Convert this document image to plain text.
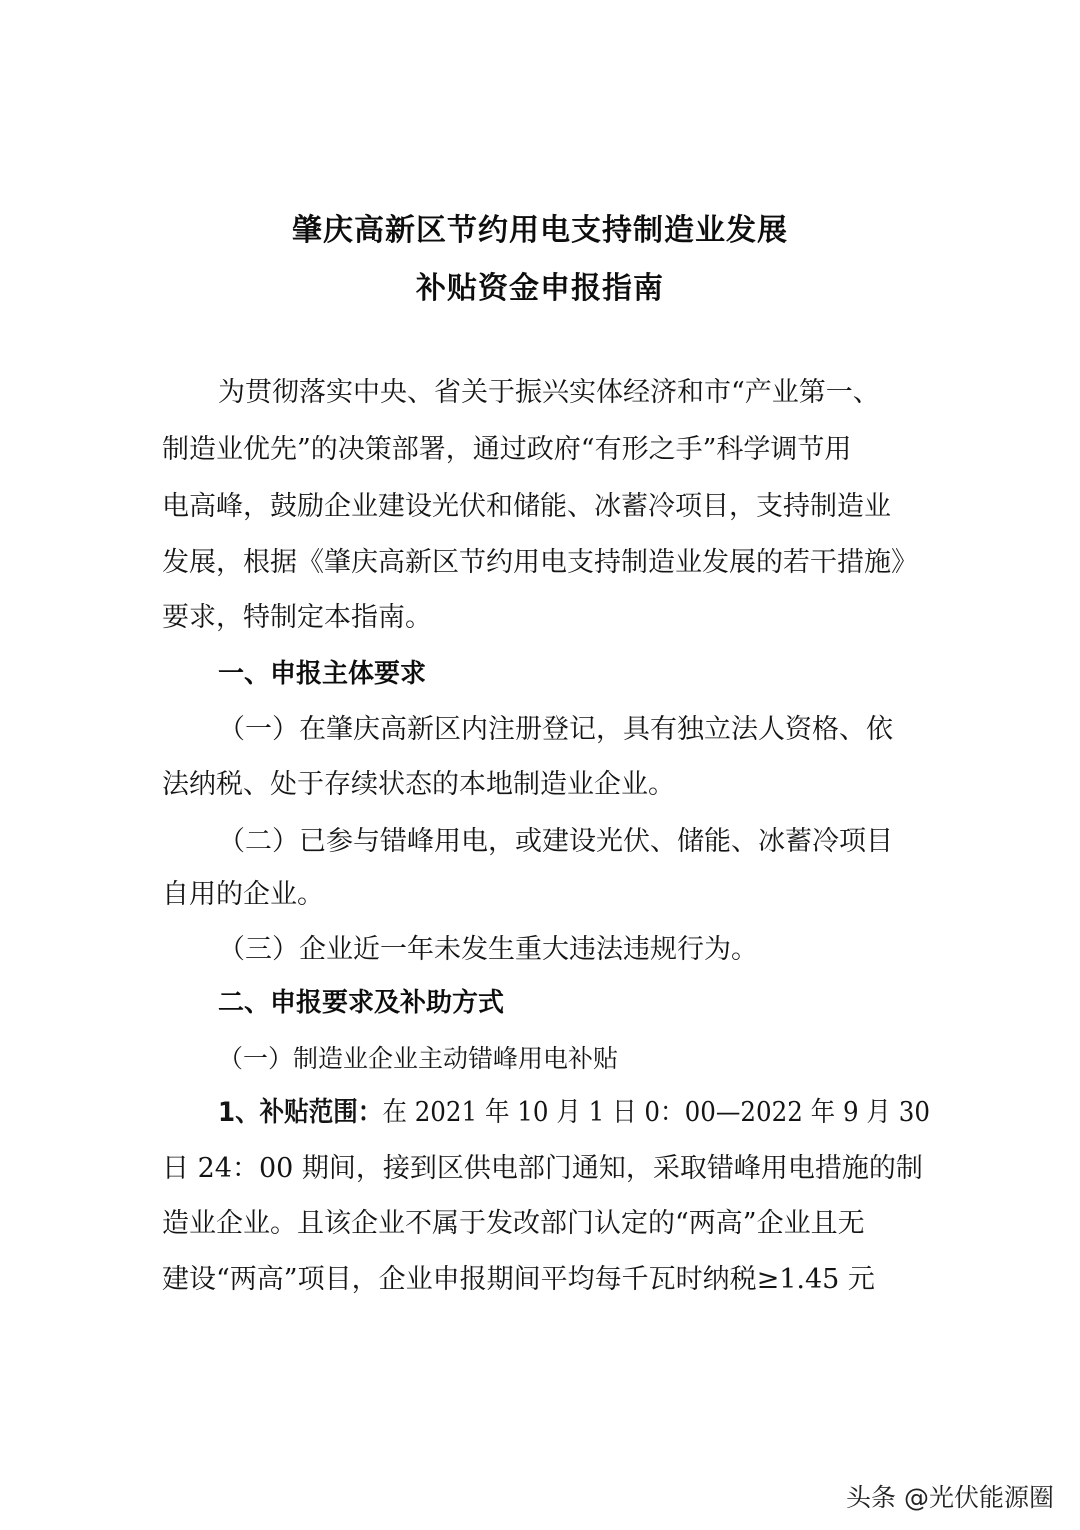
肇庆高新区节约用电支持制造业发展
补贴资金申报指南
为贯彻落实中央、省关于振兴实体经济和市“产业第一、
制造业优先”的决策部署，通过政府“有形之手”科学调节用
电高峰，鼓励企业建设光伏和储能、冰蓄冷项目，支持制造业
发展，根据《肇庆高新区节约用电支持制造业发展的若干措施》
要求，特制定本指南。
一、申报主体要求
（一）在肇庆高新区内注册登记，具有独立法人资格、依
法纳税、处于存续状态的本地制造业企业。
（二）已参与错峰用电，或建设光伏、储能、冰蓄冷项目
自用的企业。
（三）企业近一年未发生重大违法违规行为。
二、申报要求及补助方式
（一）制造业企业主动错峰用电补贴
1、补贴范围：在 2021 年 10 月 1 日 0：00—2022 年 9 月 30
日 24：00 期间，接到区供电部门通知，采取错峰用电措施的制
造业企业。且该企业不属于发改部门认定的“两高”企业且无
建设“两高”项目，企业申报期间平均每千瓦时纳税≥1.45 元
头条 @光伏能源圈
